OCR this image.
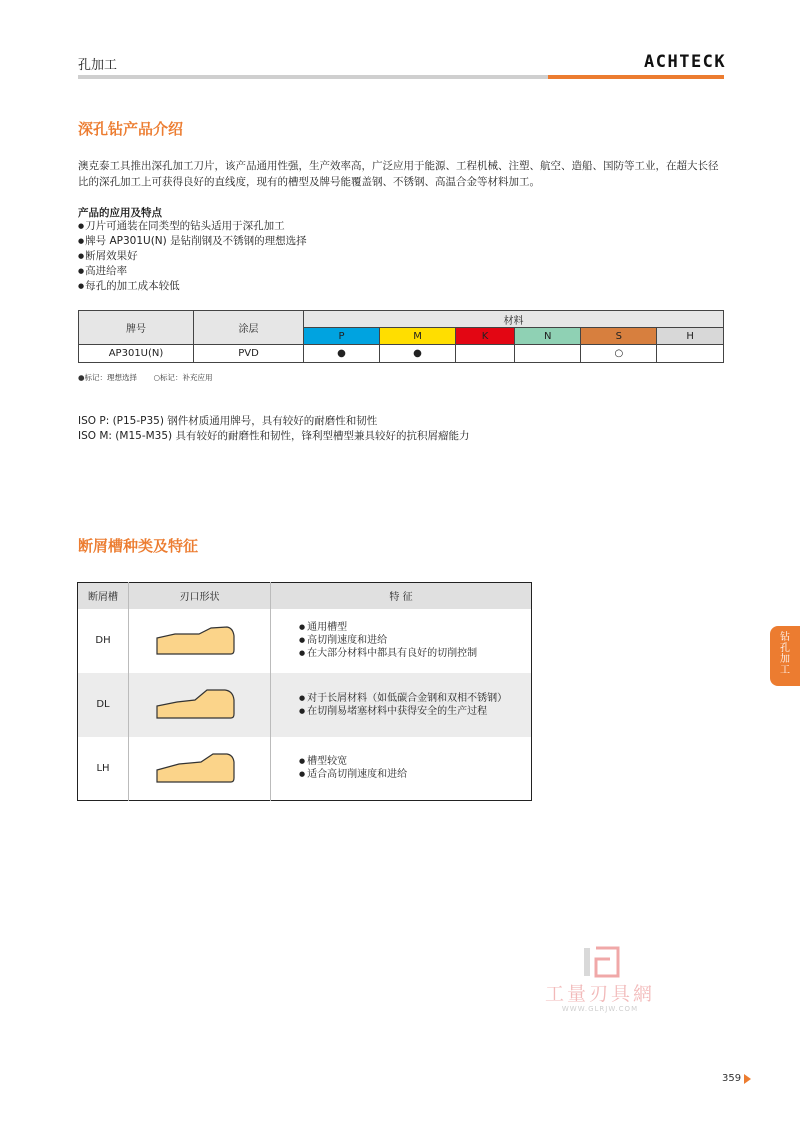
孔加工	ACHTECK
深孔钻产品介绍

澳克泰工具推出深孔加工刀片，该产品通用性强，生产效率高，广泛应用于能源、工程机械、注塑、航空、造船、国防等工业，在超大长径比的深孔加工上可获得良好的直线度，现有的槽型及牌号能覆盖钢、不锈钢、高温合金等材料加工。

产品的应用及特点
● 刀片可通装在同类型的钻头适用于深孔加工
● 牌号 AP301U(N) 是钻削钢及不锈钢的理想选择
● 断屑效果好
● 高进给率
● 每孔的加工成本较低
牌号	涂层	材料					
		P	M	K	N	S	H
AP301U(N)	PVD	●	●			○	
●标记：理想选择 ○标记：补充应用
ISO P: (P15-P35) 钢件材质通用牌号，具有较好的耐磨性和韧性
ISO M: (M15-M35) 具有较好的耐磨性和韧性，锋利型槽型兼具较好的抗积屑瘤能力
断屑槽种类及特征
断屑槽	刃口形状	特 征
DH		● 通用槽型
● 高切削速度和进给
● 在大部分材料中都具有良好的切削控制

DL		● 对于长屑材料（如低碳合金钢和双相不锈钢）
● 在切削易堵塞材料中获得安全的生产过程

LH		● 槽型较宽
● 适合高切削速度和进给
钻
孔
加
工
工量刃具網
WWW.GLRJW.COM
359
